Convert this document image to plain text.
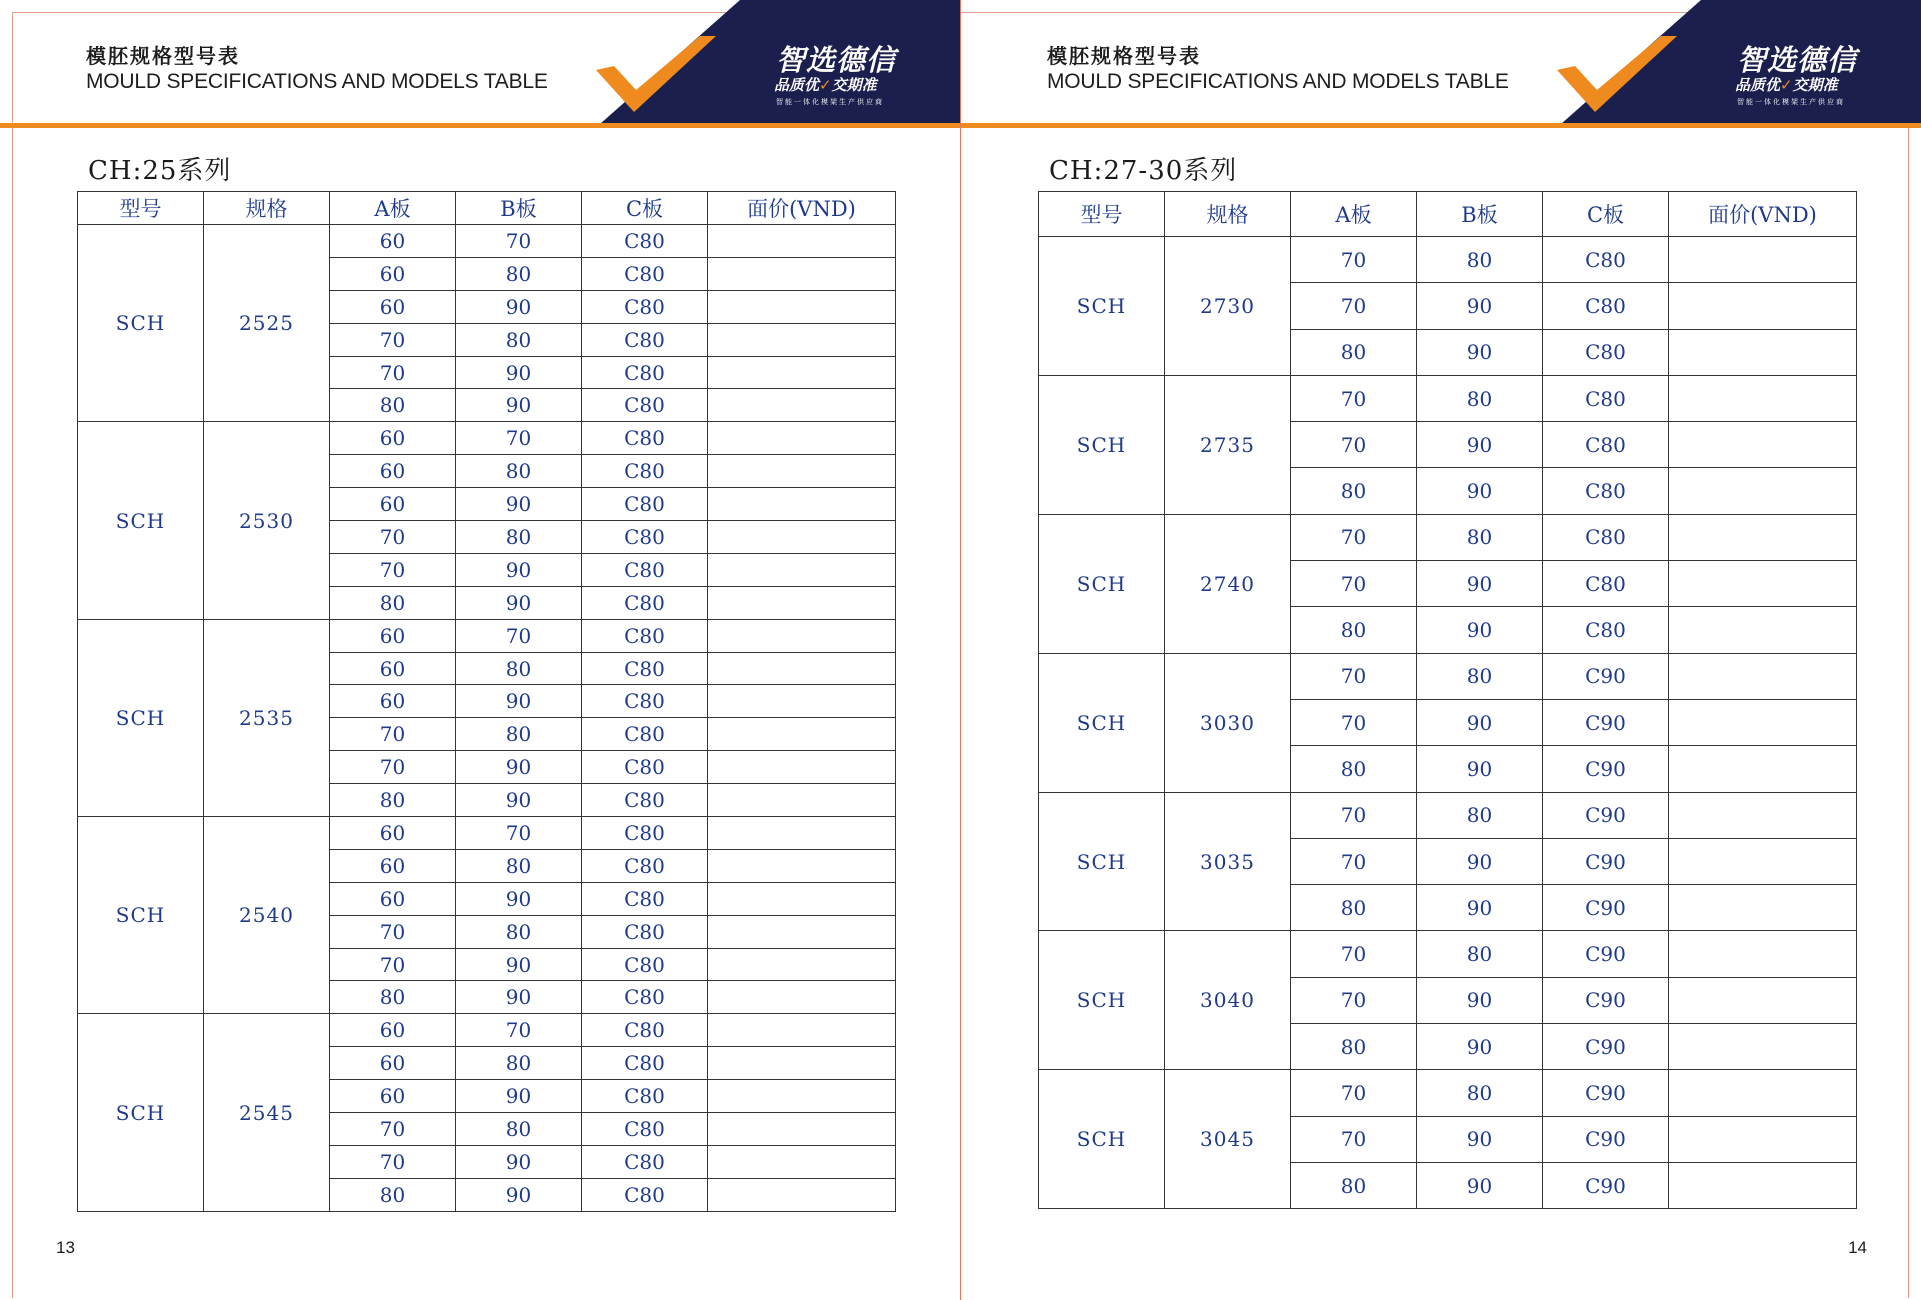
模胚规格型号表
MOULD SPECIFICATIONS AND MODELS TABLE
智选德信
品质优✓交期准
智能一体化模架生产供应商
CH:25系列
型号	规格	A板	B板	C板	面价(VND)
SCH	2525	60	70	C80	
		60	80	C80	
		60	90	C80	
		70	80	C80	
		70	90	C80	
		80	90	C80	
SCH	2530	60	70	C80	
		60	80	C80	
		60	90	C80	
		70	80	C80	
		70	90	C80	
		80	90	C80	
SCH	2535	60	70	C80	
		60	80	C80	
		60	90	C80	
		70	80	C80	
		70	90	C80	
		80	90	C80	
SCH	2540	60	70	C80	
		60	80	C80	
		60	90	C80	
		70	80	C80	
		70	90	C80	
		80	90	C80	
SCH	2545	60	70	C80	
		60	80	C80	
		60	90	C80	
		70	80	C80	
		70	90	C80	
		80	90	C80	
13
模胚规格型号表
MOULD SPECIFICATIONS AND MODELS TABLE
智选德信
品质优✓交期准
智能一体化模架生产供应商
CH:27-30系列
型号	规格	A板	B板	C板	面价(VND)
SCH	2730	70	80	C80	
		70	90	C80	
		80	90	C80	
SCH	2735	70	80	C80	
		70	90	C80	
		80	90	C80	
SCH	2740	70	80	C80	
		70	90	C80	
		80	90	C80	
SCH	3030	70	80	C90	
		70	90	C90	
		80	90	C90	
SCH	3035	70	80	C90	
		70	90	C90	
		80	90	C90	
SCH	3040	70	80	C90	
		70	90	C90	
		80	90	C90	
SCH	3045	70	80	C90	
		70	90	C90	
		80	90	C90	
14
